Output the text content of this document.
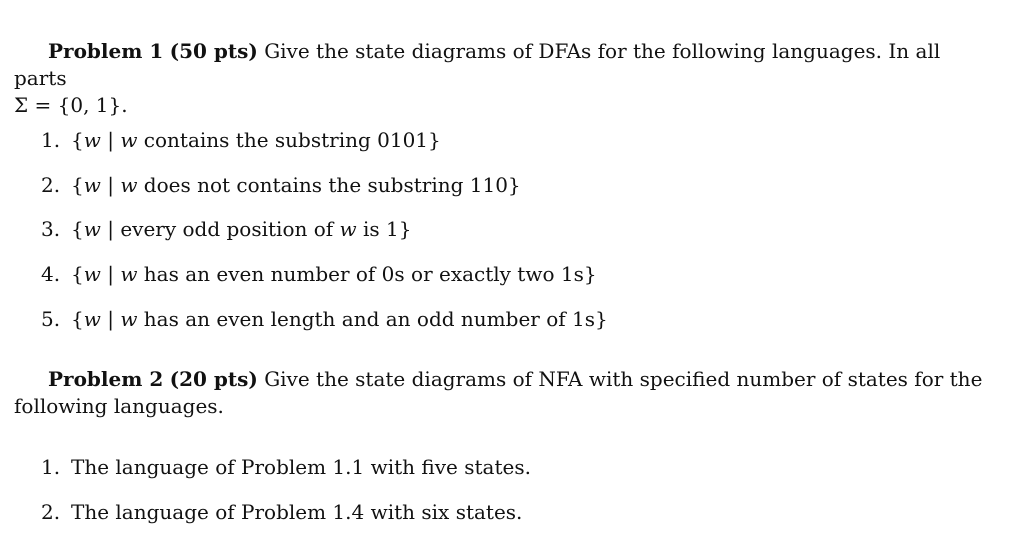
Problem 1 (50 pts) Give the state diagrams of DFAs for the following languages. In all parts
Σ = {0, 1}.
1. {w | w contains the substring 0101}
2. {w | w does not contains the substring 110}
3. {w | every odd position of w is 1}
4. {w | w has an even number of 0s or exactly two 1s}
5. {w | w has an even length and an odd number of 1s}
Problem 2 (20 pts) Give the state diagrams of NFA with specified number of states for the following languages.
1. The language of Problem 1.1 with five states.
2. The language of Problem 1.4 with six states.
